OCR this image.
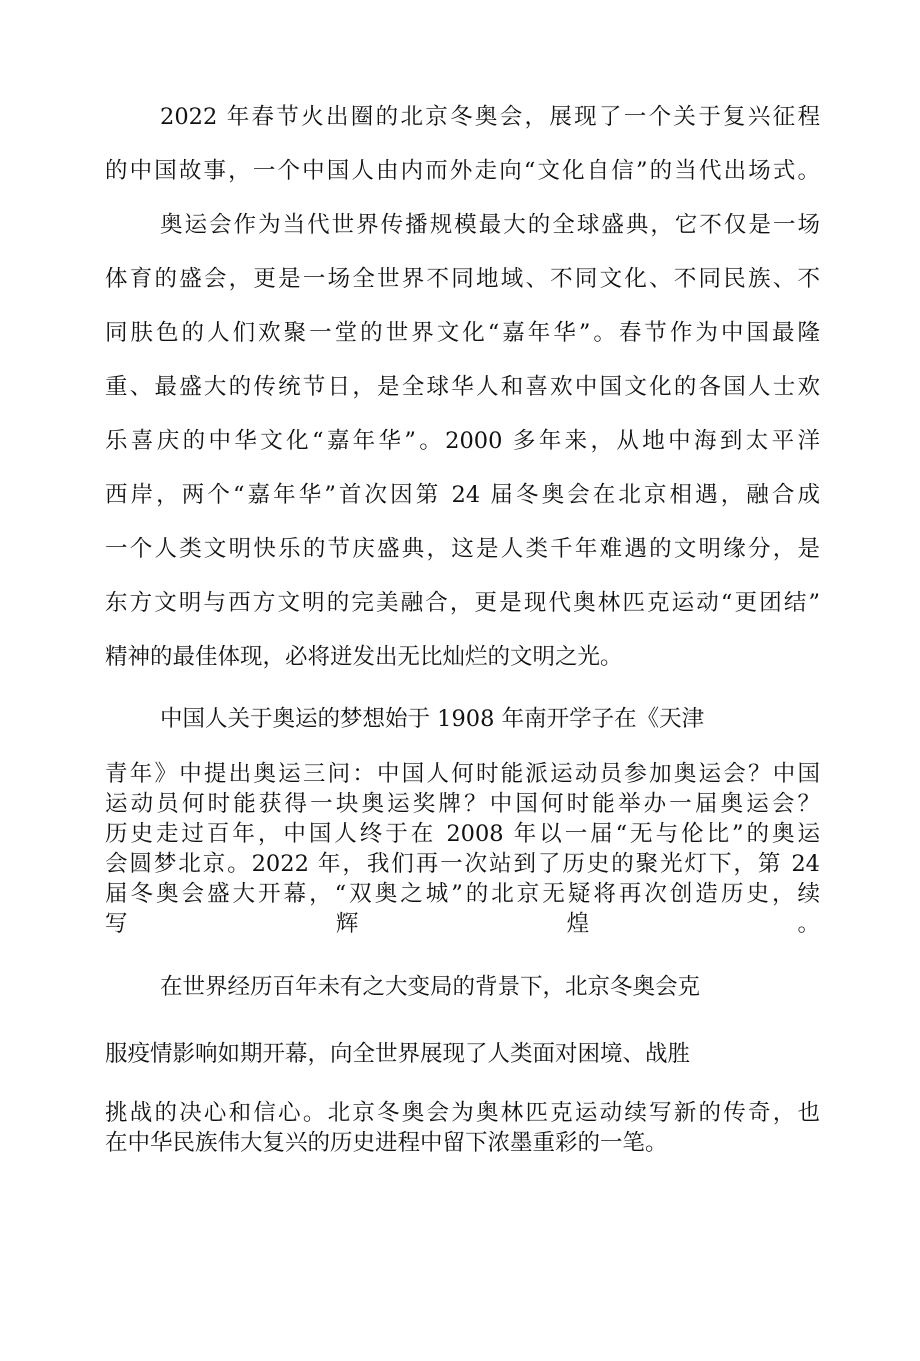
2022 年春节火出圈的北京冬奥会，展现了一个关于复兴征程
的中国故事，一个中国人由内而外走向“文化自信”的当代出场式。
奥运会作为当代世界传播规模最大的全球盛典，它不仅是一场
体育的盛会，更是一场全世界不同地域、不同文化、不同民族、不
同肤色的人们欢聚一堂的世界文化“嘉年华”。春节作为中国最隆
重、最盛大的传统节日，是全球华人和喜欢中国文化的各国人士欢
乐喜庆的中华文化“嘉年华”。2000 多年来，从地中海到太平洋
西岸，两个“嘉年华”首次因第 24 届冬奥会在北京相遇，融合成
一个人类文明快乐的节庆盛典，这是人类千年难遇的文明缘分，是
东方文明与西方文明的完美融合，更是现代奥林匹克运动“更团结”
精神的最佳体现，必将迸发出无比灿烂的文明之光。
中国人关于奥运的梦想始于 1908 年南开学子在《天津
青年》中提出奥运三问：中国人何时能派运动员参加奥运会？中国
运动员何时能获得一块奥运奖牌？中国何时能举办一届奥运会？
历史走过百年，中国人终于在 2008 年以一届“无与伦比”的奥运
会圆梦北京。2022 年，我们再一次站到了历史的聚光灯下，第 24
届冬奥会盛大开幕，“双奥之城”的北京无疑将再次创造历史，续
写辉煌。
在世界经历百年未有之大变局的背景下，北京冬奥会克
服疫情影响如期开幕，向全世界展现了人类面对困境、战胜
挑战的决心和信心。北京冬奥会为奥林匹克运动续写新的传奇，也
在中华民族伟大复兴的历史进程中留下浓墨重彩的一笔。
